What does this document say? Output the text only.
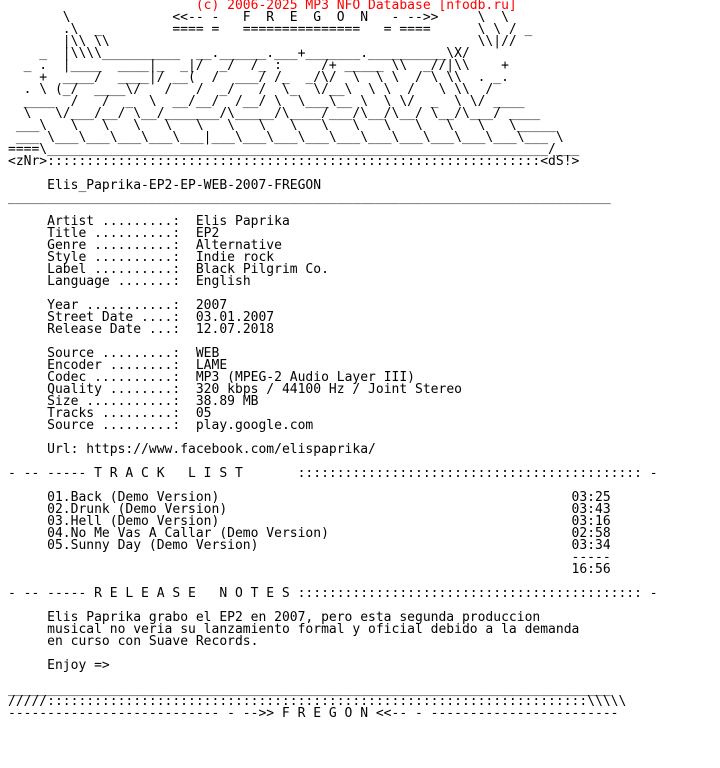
(c) 2006-2025 MP3 NFO Database [nfodb.ru]
\             <<-- -   F  R  E  G  O  N   - -->>     \  \
.\  _         ==== =   ===============   = ====      \ \ / _
|\\ \\                                               \\|//
_  |\\\\__________  __.______.___+_______.__________\X/
_ .  |____  ____|_  _|/  _/  /_ :     /+ _____ \\  _//|\\    +
+  ____/  ____|/ __(  /  ___/ /_  _/\/  \  \ \  / \ \\  . _.
. \ (_/  ____\/   /   /  _/   /  \_  \/__\  \ \  /   \ \\  /
____  /   /  _  \  __/__/  /__/ \  \___\__ \  \ \/  _  \ \/ ____
\   \/___/__/ \__/_______/\_____/\____/___/\__/\__/ \__/\___/ ____
___\   \   \   \   \   \   \   \   \   \   \   \   \   \   \   \_____
___ \___\___\___\___\___|___\___\___\___\___\___\___\___\___\___\___ \
====\________________________________________________________________/___
<zNr>:::::::::::::::::::::::::::::::::::::::::::::::::::::::::::::::<dS!>
Elis_Paprika-EP2-EP-WEB-2007-FREGON
_____________________________________________________________________________
Artist .........: Elis Paprika
Title ..........: EP2
Genre ..........: Alternative
Style ..........: Indie rock
Label ..........: Black Pilgrim Co.
Language .......: English
Year ...........: 2007
Street Date ....: 03.01.2007
Release Date ...: 12.07.2018
Source .........: WEB
Encoder ........: LAME
Codec ..........: MP3 (MPEG-2 Audio Layer III)
Quality ........: 320 kbps / 44100 Hz / Joint Stereo
Size ...........: 38.89 MB
Tracks .........: 05
Source .........: play.google.com
Url: https://www.facebook.com/elispaprika/
- -- ----- T R A C K   L I S T       :::::::::::::::::::::::::::::::::::::::::::: -
01.Back (Demo Version)	03:25
02.Drunk (Demo Version)	03:43
03.Hell (Demo Version)	03:16
04.No Me Vas A Callar (Demo Version)	02:58
05.Sunny Day (Demo Version)	03:34
-----
16:56
- -- ----- R E L E A S E   N O T E S :::::::::::::::::::::::::::::::::::::::::::: -
Elis Paprika grabo el EP2 en 2007, pero esta segunda produccion
musical no veria su lanzamiento formal y oficial debido a la demanda
en curso con Suave Records.
Enjoy =>
_____________________________________________________________________________
/////:::::::::::::::::::::::::::::::::::::::::::::::::::::::::::::::::::::\\\\\
--------------------------- - -->> F R E G O N <<-- - ------------------------
